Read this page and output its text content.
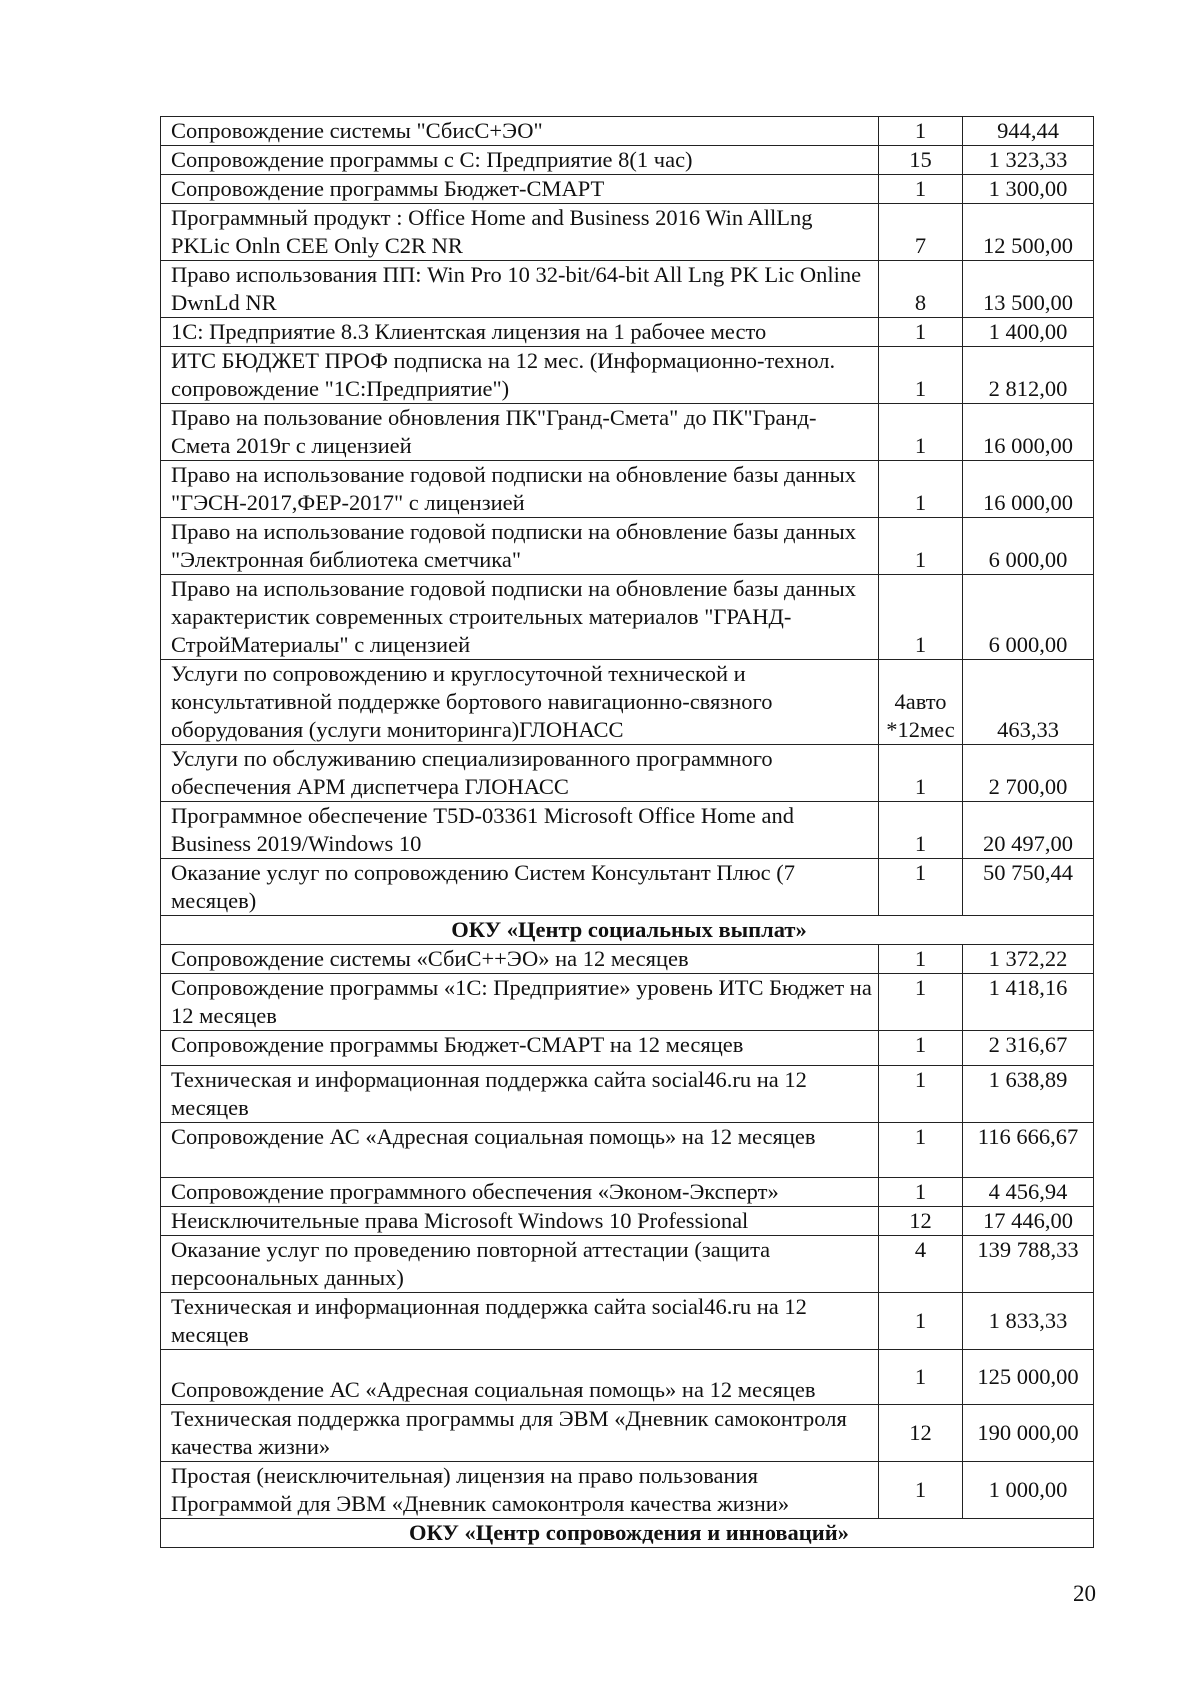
Сопровождение системы "СбисС+ЭО"	1	944,44
Сопровождение программы с С: Предприятие 8(1 час)	15	1 323,33
Сопровождение программы Бюджет-СМАРТ	1	1 300,00
Программный продукт : Office Home and Business 2016 Win AllLng PKLic Onln CEE Only C2R NR	7	12 500,00
Право использования ПП: Win Pro 10 32-bit/64-bit All Lng PK Lic Online DwnLd NR	8	13 500,00
1С: Предприятие 8.3 Клиентская лицензия на 1 рабочее место	1	1 400,00
ИТС БЮДЖЕТ ПРОФ подписка на 12 мес. (Информационно-технол. сопровождение "1С:Предприятие")	1	2 812,00
Право на пользование обновления ПК"Гранд-Смета" до ПК"Гранд-Смета 2019г с лицензией	1	16 000,00
Право на использование годовой подписки на обновление базы данных "ГЭСН-2017,ФЕР-2017" с лицензией	1	16 000,00
Право на использование годовой подписки на обновление базы данных "Электронная библиотека сметчика"	1	6 000,00
Право на использование годовой подписки на обновление базы данных характеристик современных строительных материалов "ГРАНД-СтройМатериалы" с лицензией	1	6 000,00
Услуги по сопровождению и круглосуточной технической и консультативной поддержке бортового навигационно-связного оборудования (услуги мониторинга)ГЛОНАСС	4авто *12мес	463,33
Услуги по обслуживанию специализированного программного обеспечения АРМ диспетчера ГЛОНАСС	1	2 700,00
Программное обеспечение T5D-03361 Microsoft Office Home and Business 2019/Windows 10	1	20 497,00
Оказание услуг по сопровождению Систем Консультант Плюс (7 месяцев)	1	50 750,44
ОКУ «Центр социальных выплат»		
Сопровождение системы «СбиС++ЭО» на 12 месяцев	1	1 372,22
Сопровождение программы «1С: Предприятие» уровень ИТС Бюджет на 12 месяцев	1	1 418,16
Сопровождение программы Бюджет-СМАРТ на 12 месяцев	1	2 316,67
Техническая и информационная поддержка сайта social46.ru на 12 месяцев	1	1 638,89
Сопровождение АС «Адресная социальная помощь» на 12 месяцев	1	116 666,67
Сопровождение программного обеспечения «Эконом-Эксперт»	1	4 456,94
Неисключительные права Microsoft Windows 10 Professional	12	17 446,00
Оказание услуг по проведению повторной аттестации (защита персоональных данных)	4	139 788,33
Техническая и информационная поддержка сайта social46.ru на 12 месяцев	1	1 833,33
Сопровождение АС «Адресная социальная помощь» на 12 месяцев	1	125 000,00
Техническая поддержка программы для ЭВМ «Дневник самоконтроля качества жизни»	12	190 000,00
Простая (неисключительная) лицензия на право пользования Программой для ЭВМ «Дневник самоконтроля качества жизни»	1	1 000,00
ОКУ «Центр сопровождения и инноваций»		
20
